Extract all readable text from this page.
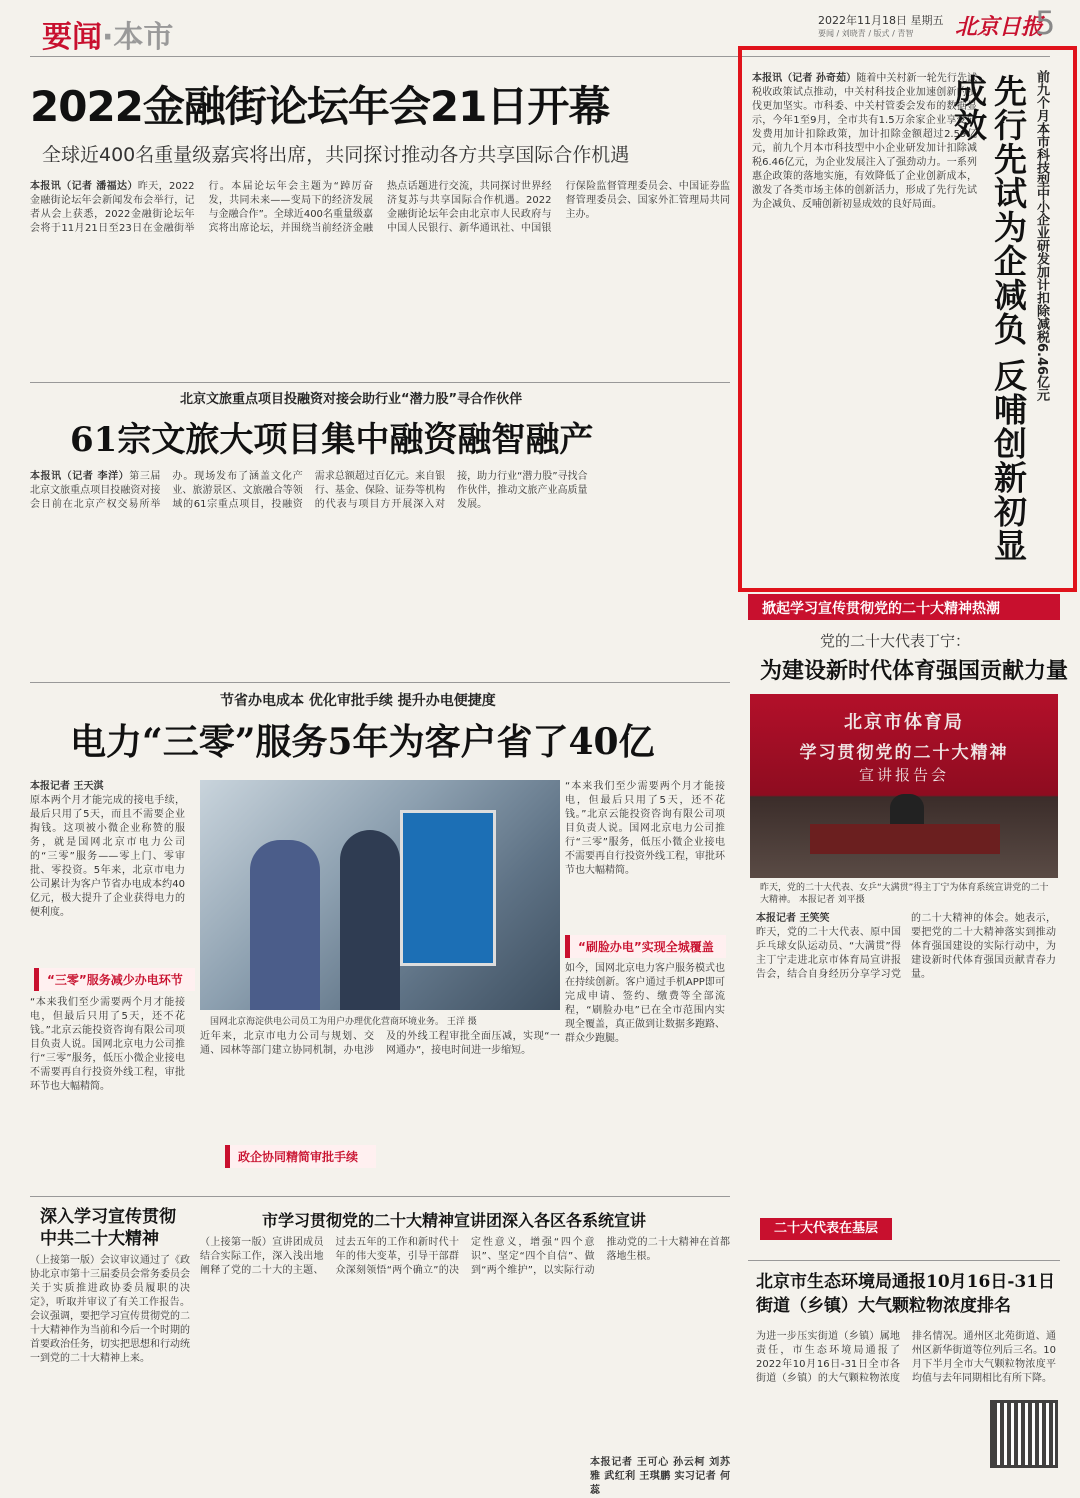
要闻·本市	2022年11月18日 星期五
要闻 / 刘晓青 / 版式 / 青智 北京日报
5
2022金融街论坛年会21日开幕
全球近400名重量级嘉宾将出席，共同探讨推动各方共享国际合作机遇
本报讯（记者 潘福达）昨天，2022金融街论坛年会新闻发布会举行，记者从会上获悉，2022金融街论坛年会将于11月21日至23日在金融街举行。本届论坛年会主题为“踔厉奋发，共同未来——变局下的经济发展与金融合作”。全球近400名重量级嘉宾将出席论坛，并围绕当前经济金融热点话题进行交流，共同探讨世界经济复苏与共享国际合作机遇。2022金融街论坛年会由北京市人民政府与中国人民银行、新华通讯社、中国银行保险监督管理委员会、中国证券监督管理委员会、国家外汇管理局共同主办。
北京文旅重点项目投融资对接会助行业“潜力股”寻合作伙伴
61宗文旅大项目集中融资融智融产
本报讯（记者 李洋）第三届北京文旅重点项目投融资对接会日前在北京产权交易所举办。现场发布了涵盖文化产业、旅游景区、文旅融合等领域的61宗重点项目，投融资需求总额超过百亿元。来自银行、基金、保险、证券等机构的代表与项目方开展深入对接，助力行业“潜力股”寻找合作伙伴，推动文旅产业高质量发展。
节省办电成本 优化审批手续 提升办电便捷度
电力“三零”服务5年为客户省了40亿
本报记者 王天淇
原本两个月才能完成的接电手续，最后只用了5天，而且不需要企业掏钱。这项被小微企业称赞的服务，就是国网北京市电力公司的“三零”服务——零上门、零审批、零投资。5年来，北京市电力公司累计为客户节省办电成本约40亿元，极大提升了企业获得电力的便利度。
“三零”服务减少办电环节
“本来我们至少需要两个月才能接电，但最后只用了5天，还不花钱。”北京云能投资咨询有限公司项目负责人说。国网北京电力公司推行“三零”服务，低压小微企业接电不需要再自行投资外线工程，审批环节也大幅精简。
国网北京海淀供电公司员工为用户办理优化营商环境业务。 王洋 摄
近年来，北京市电力公司与规划、交通、园林等部门建立协同机制，办电涉及的外线工程审批全面压减，实现“一网通办”，接电时间进一步缩短。
政企协同精简审批手续
“本来我们至少需要两个月才能接电，但最后只用了5天，还不花钱。”北京云能投资咨询有限公司项目负责人说。国网北京电力公司推行“三零”服务，低压小微企业接电不需要再自行投资外线工程，审批环节也大幅精简。
“刷脸办电”实现全城覆盖
如今，国网北京电力客户服务模式也在持续创新。客户通过手机APP即可完成申请、签约、缴费等全部流程，“刷脸办电”已在全市范围内实现全覆盖，真正做到让数据多跑路、群众少跑腿。
本报讯（记者 孙奇茹）随着中关村新一轮先行先试税收政策试点推动，中关村科技企业加速创新的步伐更加坚实。市科委、中关村管委会发布的数据显示，今年1至9月，全市共有1.5万余家企业享受研发费用加计扣除政策，加计扣除金额超过2.59亿元，前九个月本市科技型中小企业研发加计扣除减税6.46亿元，为企业发展注入了强劲动力。一系列惠企政策的落地实施，有效降低了企业创新成本，激发了各类市场主体的创新活力，形成了先行先试为企减负、反哺创新初显成效的良好局面。	前九个月本市科技型中小企业研发加计扣除减税6.46亿元
先行先试为企减负 反哺创新初显成效
掀起学习宣传贯彻党的二十大精神热潮
党的二十大代表丁宁：
为建设新时代体育强国贡献力量
北京市体育局
学习贯彻党的二十大精神
宣讲报告会
昨天，党的二十大代表、女乒“大满贯”得主丁宁为体育系统宣讲党的二十大精神。 本报记者 刘平摄
本报记者 王笑笑
昨天，党的二十大代表、原中国乒乓球女队运动员、“大满贯”得主丁宁走进北京市体育局宣讲报告会，结合自身经历分享学习党的二十大精神的体会。她表示，要把党的二十大精神落实到推动体育强国建设的实际行动中，为建设新时代体育强国贡献青春力量。
二十大代表在基层
深入学习宣传贯彻中共二十大精神
（上接第一版）会议审议通过了《政协北京市第十三届委员会常务委员会关于实质推进政协委员履职的决定》，听取并审议了有关工作报告。会议强调，要把学习宣传贯彻党的二十大精神作为当前和今后一个时期的首要政治任务，切实把思想和行动统一到党的二十大精神上来。
市学习贯彻党的二十大精神宣讲团深入各区各系统宣讲
（上接第一版）宣讲团成员结合实际工作，深入浅出地阐释了党的二十大的主题、过去五年的工作和新时代十年的伟大变革，引导干部群众深刻领悟“两个确立”的决定性意义，增强“四个意识”、坚定“四个自信”、做到“两个维护”，以实际行动推动党的二十大精神在首都落地生根。
本报记者 王可心 孙云柯 刘苏雅 武红利 王琪鹏 实习记者 何蕊
北京市生态环境局通报10月16日-31日街道（乡镇）大气颗粒物浓度排名
为进一步压实街道（乡镇）属地责任，市生态环境局通报了2022年10月16日-31日全市各街道（乡镇）的大气颗粒物浓度排名情况。通州区北苑街道、通州区新华街道等位列后三名。10月下半月全市大气颗粒物浓度平均值与去年同期相比有所下降。
